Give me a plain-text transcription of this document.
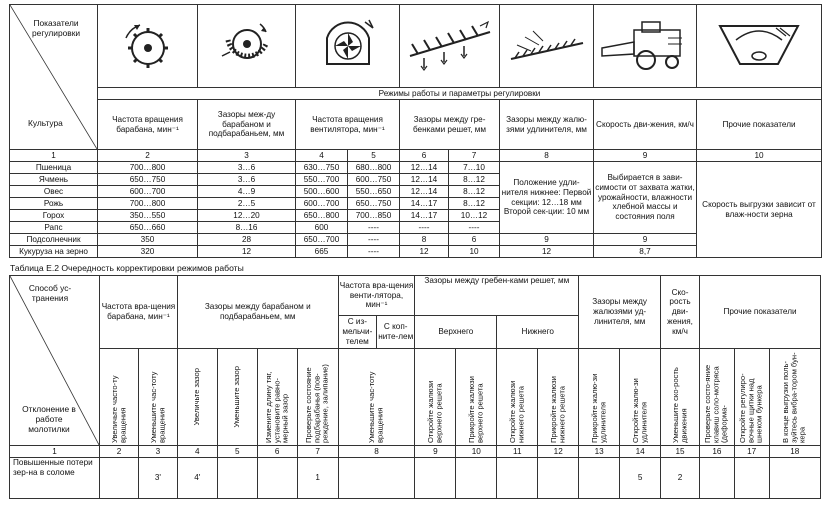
Показатели
регулировки
Культура

	Режимы работы и параметры регулировки								
	Частота вращения барабана, мин⁻¹	Зазоры меж-ду барабаном и подбарабаньем, мм	Частота вращения вентилятора, мин⁻¹		Зазоры между гре-бенками решет, мм		Зазоры между жалю-зями удлинителя, мм	Скорость дви-жения, км/ч	Прочие показатели

1	2	3	4	5	6	7	8	9	10
Пшеница	700…800	3…6	630…750	680…800	12…14	7…10	Положение удли-нителя нижнее: Первой секции: 12…18 мм Второй сек-ции: 10 мм	Выбирается в зави-симости от захвата жатки, урожайности, влажности хлебной массы и состояния поля	Скорость выгрузки зависит от влаж-ности зерна
Ячмень	650…750	3…6	550…700	600…750	12…14	8…12			
Овес	600…700	4…9	500…600	550…650	12…14	8…12			
Рожь	700…800	2…5	600…700	650…750	14…17	8…12			
Горох	350…550	12…20	650…800	700…850	14…17	10…12			
Рапс	650…660	8…16	600	----	----	----			
Подсолнечник	350	28	650…700	----	8	6	9	9	
Кукуруза на зерно	320	12	665	----	12	10	12	8,7	
Таблица Е.2 Очередность корректировки режимов работы
Способ ус-транения
Отклонение в работе молотилки	Частота вра-щения барабана, мин⁻¹		Зазоры между барабаном и подбарабаньем, мм				Частота вра-щения венти-лятора, мин⁻¹	Зазоры между гребен-ками решет, мм				Зазоры между жалюзями уд-линителя, мм		Ско-рость дви-жения, км/ч	Прочие показатели		

С из-мельчи-телем
С коп-ните-лем	Верхнего		Нижнего							

	Увеличьте часто-ту вращения	Уменьшите час-тоту вращения	Увеличьте зазор	Уменьшите зазор	Измените длину тяг, установите равно-мерный зазор	Проверьте состояние подбарабанья (пов-реждение, залипание)	Уменьшите час-тоту вращения	Откройте жалюзи верхнего решета	Прикройте жалюзи верхнего решета	Откройте жалюзи нижнего решета	Прикройте жалюзи нижнего решета	Прикройте жалю-зи удлинителя	Откройте жалю-зи удлинителя	Уменьшите ско-рость движения	Проверьте состо-яние клавиш соло-мотряса (деформа-	Откройте регулиро-вочные щитки над шнеком бункера	В конце выгрузки поль-зуйтесь вибра-тором бун-кера

1	2	3	4	5	6	7	8	9	10	11	12	13	14	15	16	17	18
Повышенные потери зер-на в соломе		3'	4'			1							5	2			
